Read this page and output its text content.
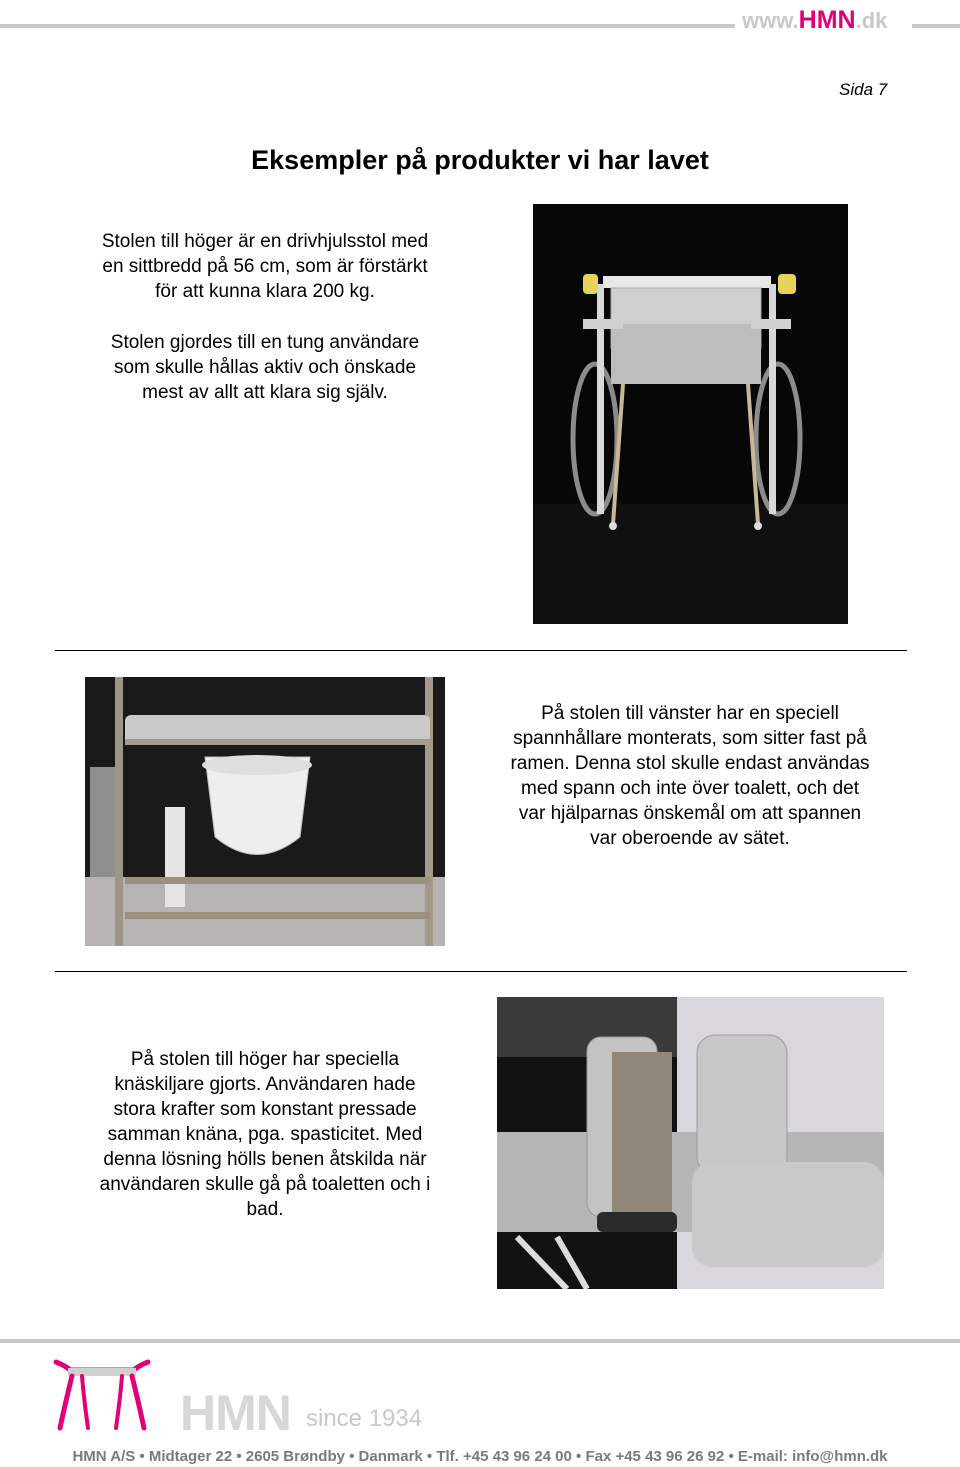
www.HMN.dk
Sida 7
Eksempler på produkter vi har lavet
Stolen till höger är en drivhjulsstol med
en sittbredd på 56 cm, som är förstärkt
för att kunna klara 200 kg.
Stolen gjordes till en tung användare
som skulle hållas aktiv och önskade
mest av allt att klara sig själv.
På stolen till vänster har en speciell
spannhållare monterats, som sitter fast på
ramen. Denna stol skulle endast användas
med spann och inte över toalett, och det
var hjälparnas önskemål om att spannen
var oberoende av sätet.
På stolen till höger har speciella
knäskiljare gjorts. Användaren hade
stora krafter som konstant pressade
samman knäna, pga. spasticitet. Med
denna lösning hölls benen åtskilda när
användaren skulle gå på toaletten och i
bad.
HMN since 1934
HMN A/S • Midtager 22 • 2605 Brøndby • Danmark • Tlf. +45 43 96 24 00 • Fax +45 43 96 26 92 • E-mail: info@hmn.dk
